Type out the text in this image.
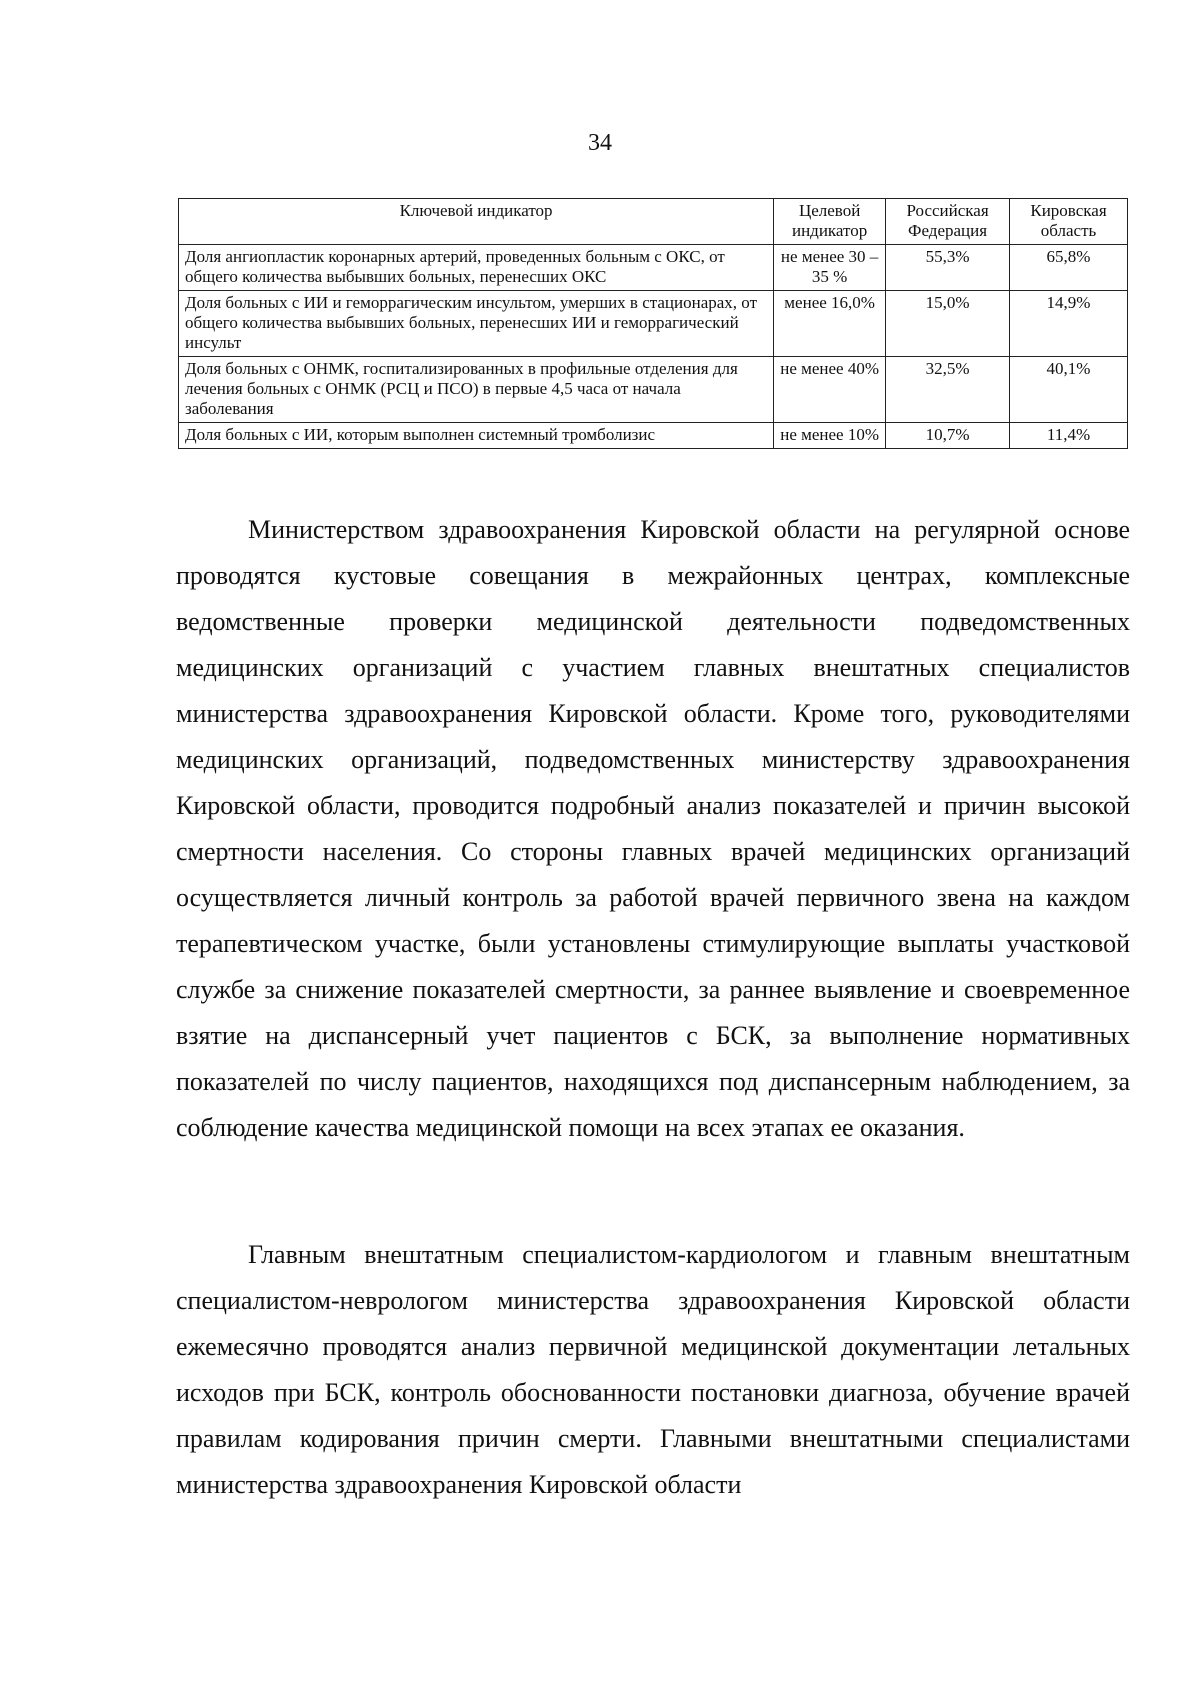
34
Ключевой индикатор	Целевой индикатор	Российская Федерация	Кировская область
Доля ангиопластик коронарных артерий, проведенных больным с ОКС, от общего количества выбывших больных, перенесших ОКС	не менее 30 – 35 %	55,3%	65,8%
Доля больных с ИИ и геморрагическим инсультом, умерших в стационарах, от общего количества выбывших больных, перенесших ИИ и геморрагический инсульт	менее 16,0%	15,0%	14,9%
Доля больных с ОНМК, госпитализированных в профильные отделения для лечения больных с ОНМК (РСЦ и ПСО) в первые 4,5 часа от начала заболевания	не менее 40%	32,5%	40,1%
Доля больных с ИИ, которым выполнен системный тромболизис	не менее 10%	10,7%	11,4%

Министерством здравоохранения Кировской области на регулярной основе проводятся кустовые совещания в межрайонных центрах, комплексные ведомственные проверки медицинской деятельности подведомственных медицинских организаций с участием главных внештатных специалистов министерства здравоохранения Кировской области. Кроме того, руководителями медицинских организаций, подведомственных министерству здравоохранения Кировской области, проводится подробный анализ показателей и причин высокой смертности населения. Со стороны главных врачей медицинских организаций осуществляется личный контроль за работой врачей первичного звена на каждом терапевтическом участке, были установлены стимулирующие выплаты участковой службе за снижение показателей смертности, за раннее выявление и своевременное взятие на диспансерный учет пациентов с БСК, за выполнение нормативных показателей по числу пациентов, находящихся под диспансерным наблюдением, за соблюдение качества медицинской помощи на всех этапах ее оказания.

Главным внештатным специалистом-кардиологом и главным внештатным специалистом-неврологом министерства здравоохранения Кировской области ежемесячно проводятся анализ первичной медицинской документации летальных исходов при БСК, контроль обоснованности постановки диагноза, обучение врачей правилам кодирования причин смерти. Главными внештатными специалистами министерства здравоохранения Кировской области
